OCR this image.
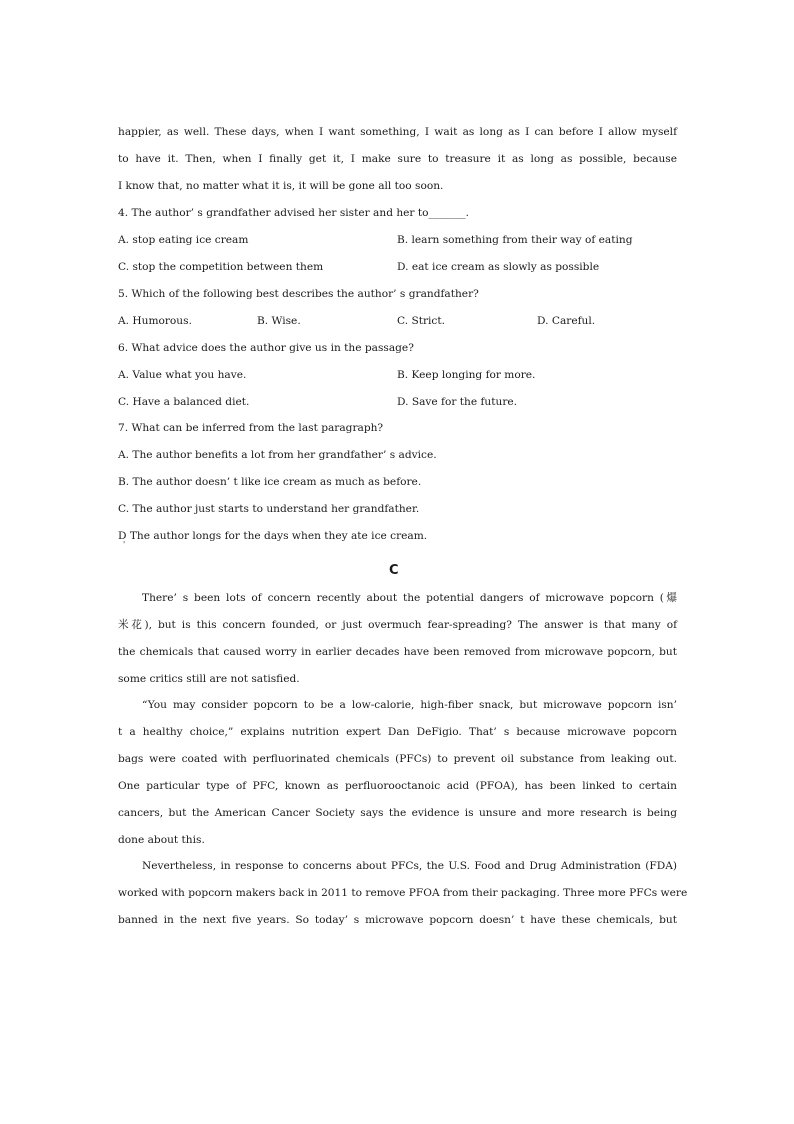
happier, as well. These days, when I want something, I wait as long as I can before I allow myself
to have it. Then, when I finally get it, I make sure to treasure it as long as possible, because
I know that, no matter what it is, it will be gone all too soon.
4. The author’ s grandfather advised her sister and her to_______.
A. stop eating ice cream	B. learn something from their way of eating
C. stop the competition between them	D. eat ice cream as slowly as possible
5. Which of the following best describes the author’ s grandfather?
A. Humorous.	B. Wise.	C. Strict.	D. Careful.
6. What advice does the author give us in the passage?
A. Value what you have.	B. Keep longing for more.
C. Have a balanced diet.	D. Save for the future.
7. What can be inferred from the last paragraph?
A. The author benefits a lot from her grandfather’ s advice.
B. The author doesn’ t like ice cream as much as before.
C. The author just starts to understand her grandfather.
D The author longs for the days when they ate ice cream.
'
C
There’ s been lots of concern recently about the potential dangers of microwave popcorn (爆
米花), but is this concern founded, or just overmuch fear-spreading? The answer is that many of
the chemicals that caused worry in earlier decades have been removed from microwave popcorn, but
some critics still are not satisfied.
“You may consider popcorn to be a low-calorie, high-fiber snack, but microwave popcorn isn’
t a healthy choice,” explains nutrition expert Dan DeFigio. That’ s because microwave popcorn
bags were coated with perfluorinated chemicals (PFCs) to prevent oil substance from leaking out.
One particular type of PFC, known as perfluorooctanoic acid (PFOA), has been linked to certain
cancers, but the American Cancer Society says the evidence is unsure and more research is being
done about this.
Nevertheless, in response to concerns about PFCs, the U.S. Food and Drug Administration (FDA)
worked with popcorn makers back in 2011 to remove PFOA from their packaging. Three more PFCs were
banned in the next five years. So today’ s microwave popcorn doesn’ t have these chemicals, but
